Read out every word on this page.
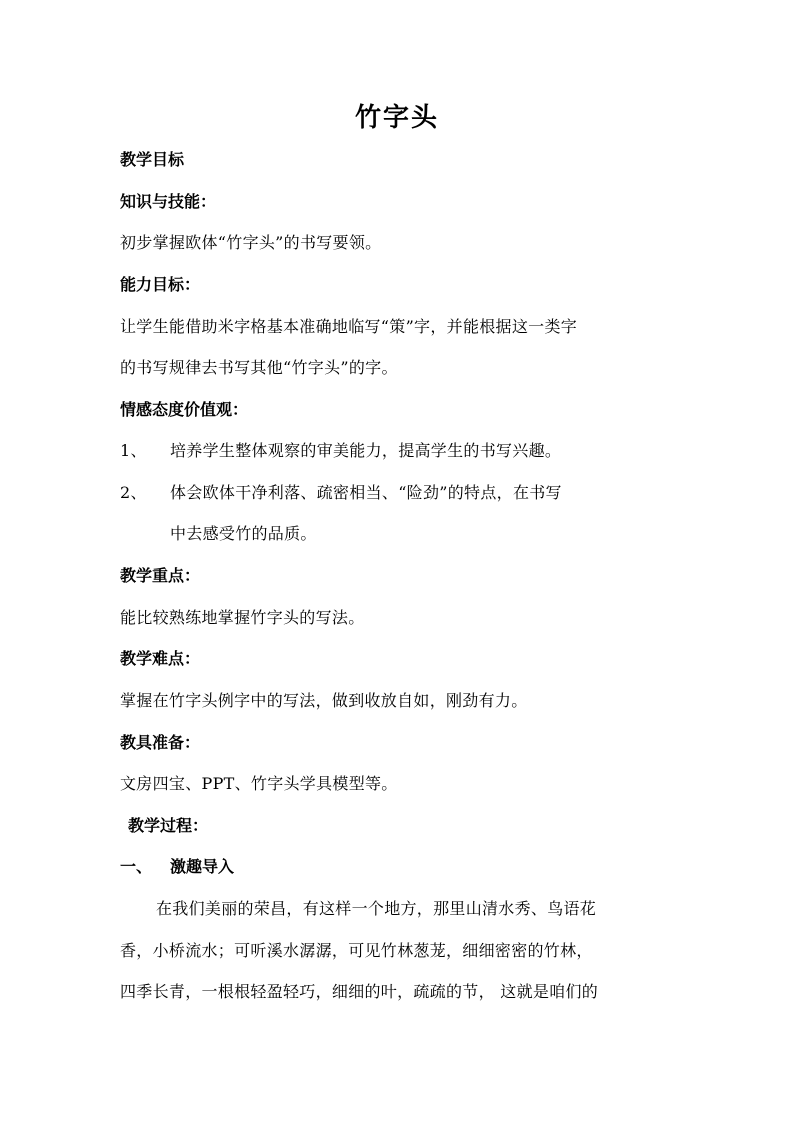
竹字头
教学目标
知识与技能：
初步掌握欧体“竹字头”的书写要领。
能力目标：
让学生能借助米字格基本准确地临写“策”字，并能根据这一类字
的书写规律去书写其他“竹字头”的字。
情感态度价值观：
1、 培养学生整体观察的审美能力，提高学生的书写兴趣。
2、 体会欧体干净利落、疏密相当、“险劲”的特点，在书写
中去感受竹的品质。
教学重点：
能比较熟练地掌握竹字头的写法。
教学难点：
掌握在竹字头例字中的写法，做到收放自如，刚劲有力。
教具准备：
文房四宝、PPT、竹字头学具模型等。
教学过程：
一、 激趣导入
在我们美丽的荣昌，有这样一个地方，那里山清水秀、鸟语花
香，小桥流水；可听溪水潺潺，可见竹林葱茏，细细密密的竹林，
四季长青，一根根轻盈轻巧，细细的叶，疏疏的节， 这就是咱们的
